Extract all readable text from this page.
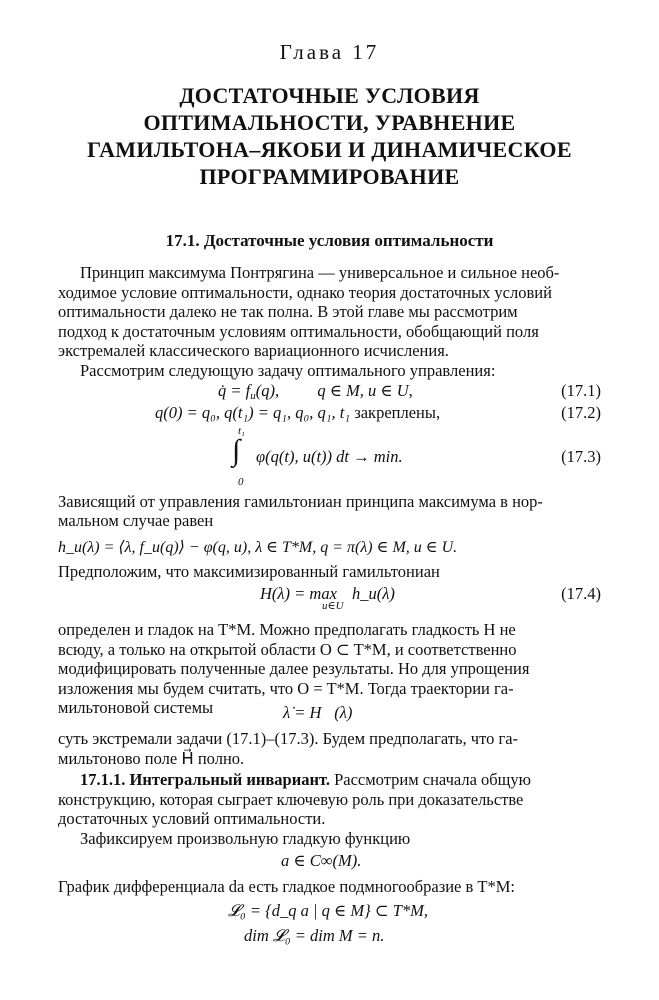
Глава 17
ДОСТАТОЧНЫЕ УСЛОВИЯ
ОПТИМАЛЬНОСТИ, УРАВНЕНИЕ
ГАМИЛЬТОНА–ЯКОБИ И ДИНАМИЧЕСКОЕ
ПРОГРАММИРОВАНИЕ
17.1. Достаточные условия оптимальности
Принцип максимума Понтрягина — универсальное и сильное необ-
ходимое условие оптимальности, однако теория достаточных условий
оптимальности далеко не так полна. В этой главе мы рассмотрим
подход к достаточным условиям оптимальности, обобщающий поля
экстремалей классического вариационного исчисления.
Рассмотрим следующую задачу оптимального управления:
q̇ = $f_u(q)$, q ∈ M, u ∈ U,	(17.1)
q(0) = q₀, q(t₁) = q₁, q₀, q₁, t₁ закреплены,	(17.2)
t₁
∫
0
φ(q(t), u(t)) dt → min.	(17.3)
Зависящий от управления гамильтониан принципа максимума в нор-
мальном случае равен
h_u(λ) = ⟨λ, f_u(q)⟩ − φ(q, u), λ ∈ T*M, q = π(λ) ∈ M, u ∈ U.
Предположим, что максимизированный гамильтониан
H(λ) = max
u∈U
h_u(λ)	(17.4)
определен и гладок на T*M. Можно предполагать гладкость H не
всюду, а только на открытой области O ⊂ T*M, и соответственно
модифицировать полученные далее результаты. Но для упрощения
изложения мы будем считать, что O = T*M. Тогда траектории га-
мильтоновой системы	λ̇ = H⃗(λ)
суть экстремали задачи (17.1)–(17.3). Будем предполагать, что га-
мильтоново поле H⃗ полно.
17.1.1. Интегральный инвариант. Рассмотрим сначала общую
конструкцию, которая сыграет ключевую роль при доказательстве
достаточных условий оптимальности.
Зафиксируем произвольную гладкую функцию
a ∈ C∞(M).
График дифференциала da есть гладкое подмногообразие в T*M:
𝓛₀ = {d_q a | q ∈ M} ⊂ T*M,
dim 𝓛₀ = dim M = n.
